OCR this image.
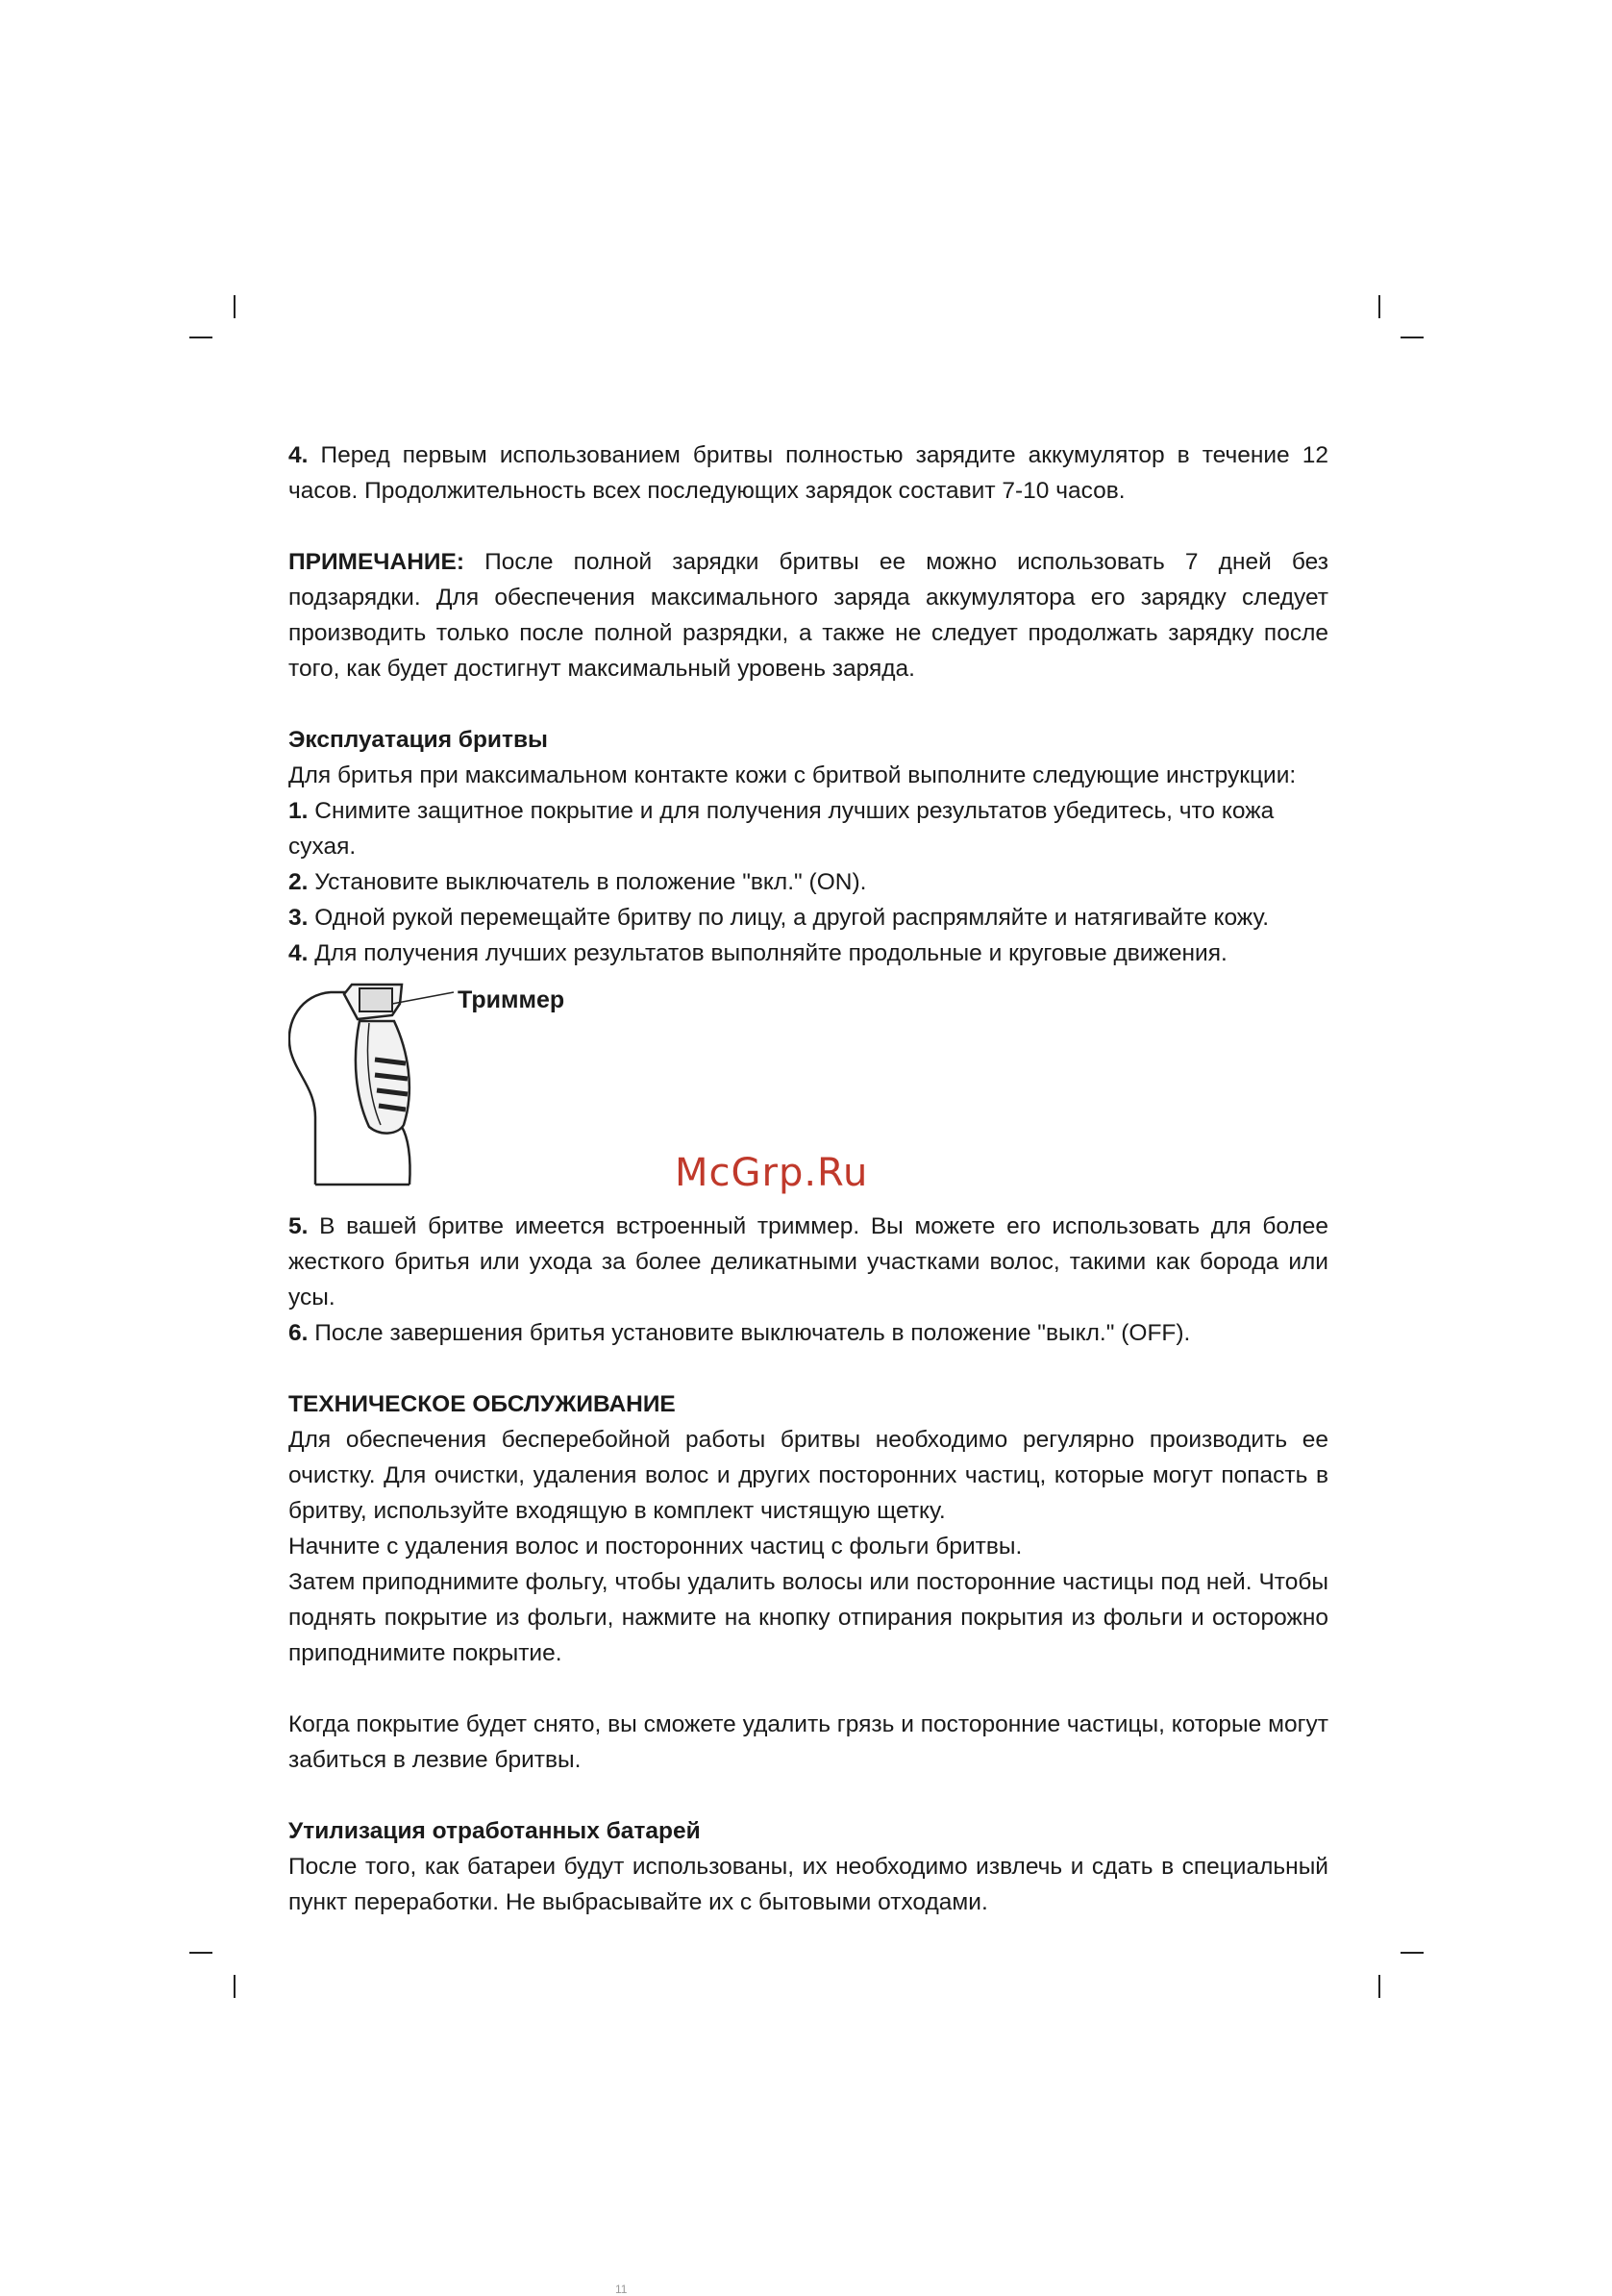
4. Перед первым использованием бритвы полностью зарядите аккумулятор в течение 12 часов. Продолжительность всех последующих зарядок составит 7-10 часов.

ПРИМЕЧАНИЕ: После полной зарядки бритвы ее можно использовать 7 дней без подзарядки. Для обеспечения максимального заряда аккумулятора его зарядку следует производить только после полной разрядки, а также не следует продолжать зарядку после того, как будет достигнут максимальный уровень заряда.

Эксплуатация бритвы

Для бритья при максимальном контакте кожи с бритвой выполните следующие инструкции:

1. Снимите защитное покрытие и для получения лучших результатов убедитесь, что кожа сухая.

2. Установите выключатель в положение "вкл." (ON).

3. Одной рукой перемещайте бритву по лицу, а другой распрямляйте и натягивайте кожу.

4. Для получения лучших результатов выполняйте продольные и круговые движения.

Триммер
McGrp.Ru

5. В вашей бритве имеется встроенный триммер. Вы можете его использовать для более жесткого бритья или ухода за более деликатными участками волос, такими как борода или усы.

6. После завершения бритья установите выключатель в положение "выкл." (OFF).

ТЕХНИЧЕСКОЕ ОБСЛУЖИВАНИЕ

Для обеспечения бесперебойной работы бритвы необходимо регулярно производить ее очистку. Для очистки, удаления волос и других посторонних частиц, которые могут попасть в бритву, используйте входящую в комплект чистящую щетку.

Начните с удаления волос и посторонних частиц с фольги бритвы.

Затем приподнимите фольгу, чтобы удалить волосы или посторонние частицы под ней. Чтобы поднять покрытие из фольги, нажмите на кнопку отпирания покрытия из фольги и осторожно приподнимите покрытие.

Когда покрытие будет снято, вы сможете удалить грязь и посторонние частицы, которые могут забиться в лезвие бритвы.

Утилизация отработанных батарей

После того, как батареи будут использованы, их необходимо извлечь и сдать в специальный пункт переработки. Не выбрасывайте их с бытовыми отходами.

11
